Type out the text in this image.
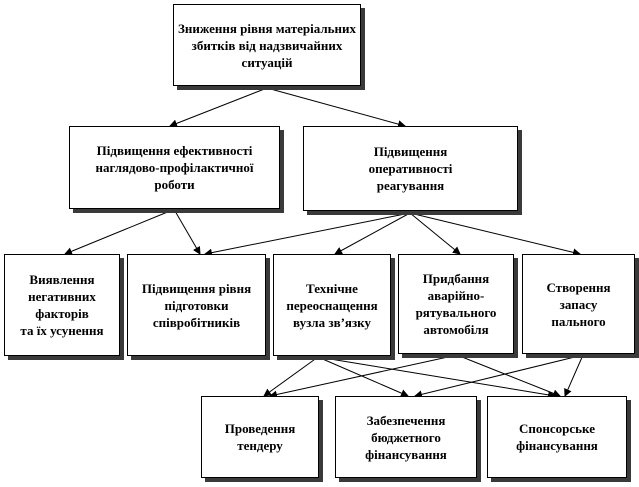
Зниження рівня матеріальних
збитків від надзвичайних
ситуацій
Підвищення ефективності
наглядово-профілактичної
роботи
Підвищення
оперативності
реагування
Виявлення
негативних
факторів
та їх усунення
Підвищення рівня
підготовки
співробітників
Технічне
переоснащення
вузла зв’язку
Придбання
аварійно-
рятувального
автомобіля
Створення
запасу
пального
Проведення
тендеру
Забезпечення
бюджетного
фінансування
Спонсорське
фінансування
